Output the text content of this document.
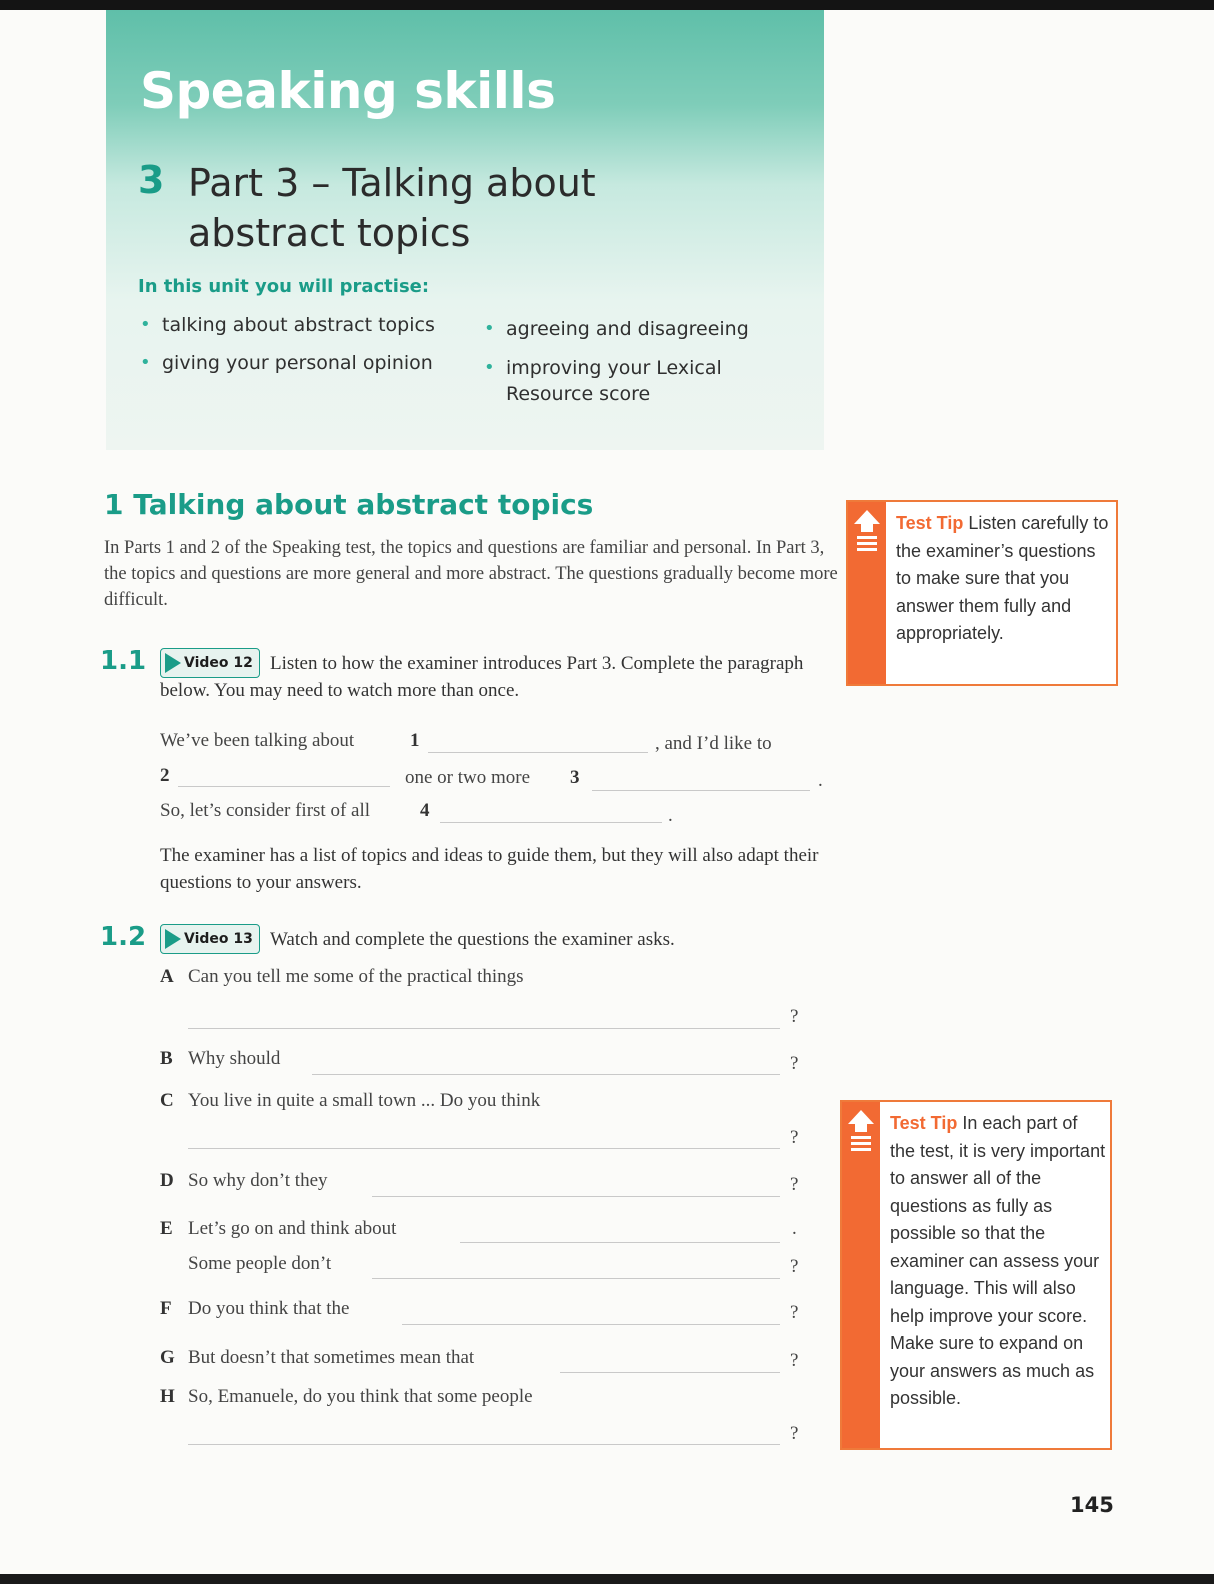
Speaking skills
3 Part 3 – Talking about abstract topics
In this unit you will practise:
• talking about abstract topics
• giving your personal opinion
• agreeing and disagreeing
• improving your Lexical Resource score
1 Talking about abstract topics
In Parts 1 and 2 of the Speaking test, the topics and questions are familiar and personal. In Part 3, the topics and questions are more general and more abstract. The questions gradually become more difficult.
1.1	Video 12 Listen to how the examiner introduces Part 3. Complete the paragraph below. You may need to watch more than once.
We’ve been talking about	1	, and I’d like to
2	one or two more 3	.
So, let’s consider first of all	4	.
The examiner has a list of topics and ideas to guide them, but they will also adapt their questions to your answers.
1.2	Video 13 Watch and complete the questions the examiner asks.
A Can you tell me some of the practical things
?
B Why should	?
C You live in quite a small town ... Do you think
?
D So why don’t they	?
E Let’s go on and think about	.
Some people don’t	?
F Do you think that the	?
G But doesn’t that sometimes mean that	?
H So, Emanuele, do you think that some people
?
Test Tip Listen carefully to the examiner’s questions to make sure that you answer them fully and appropriately.
Test Tip In each part of the test, it is very important to answer all of the questions as fully as possible so that the examiner can assess your language. This will also help improve your score. Make sure to expand on your answers as much as possible.
145
